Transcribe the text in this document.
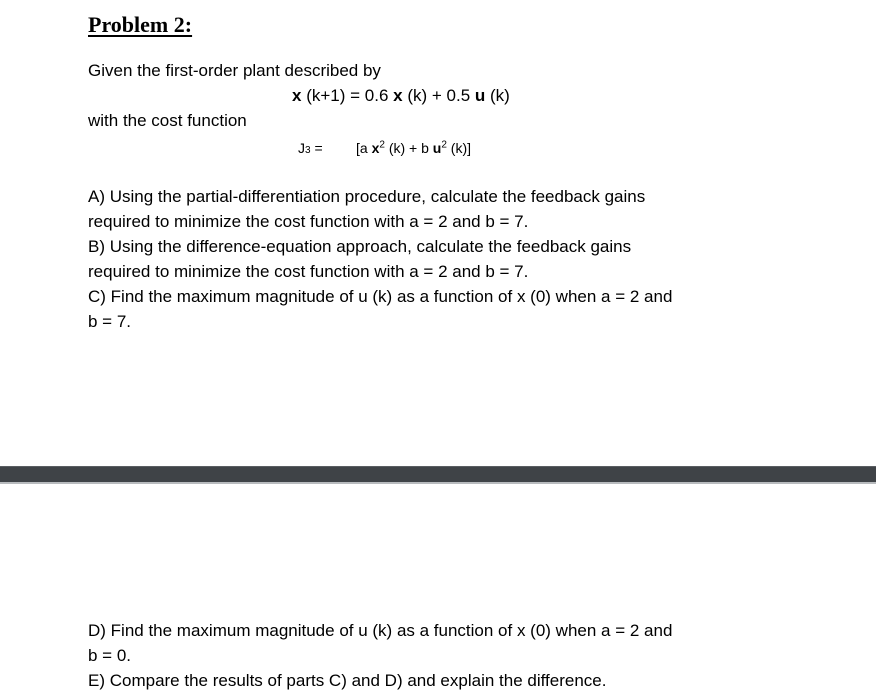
Problem 2:
Given the first-order plant described by
x (k+1) = 0.6 x (k) + 0.5 u (k)
with the cost function
J3 = [a $x^2$ (k) + b $u^2$ (k)]
A) Using the partial-differentiation procedure, calculate the feedback gains
required to minimize the cost function with a = 2 and b = 7.
B) Using the difference-equation approach, calculate the feedback gains
required to minimize the cost function with a = 2 and b = 7.
C) Find the maximum magnitude of u (k) as a function of x (0) when a = 2 and
b = 7.
D) Find the maximum magnitude of u (k) as a function of x (0) when a = 2 and
b = 0.
E) Compare the results of parts C) and D) and explain the difference.
